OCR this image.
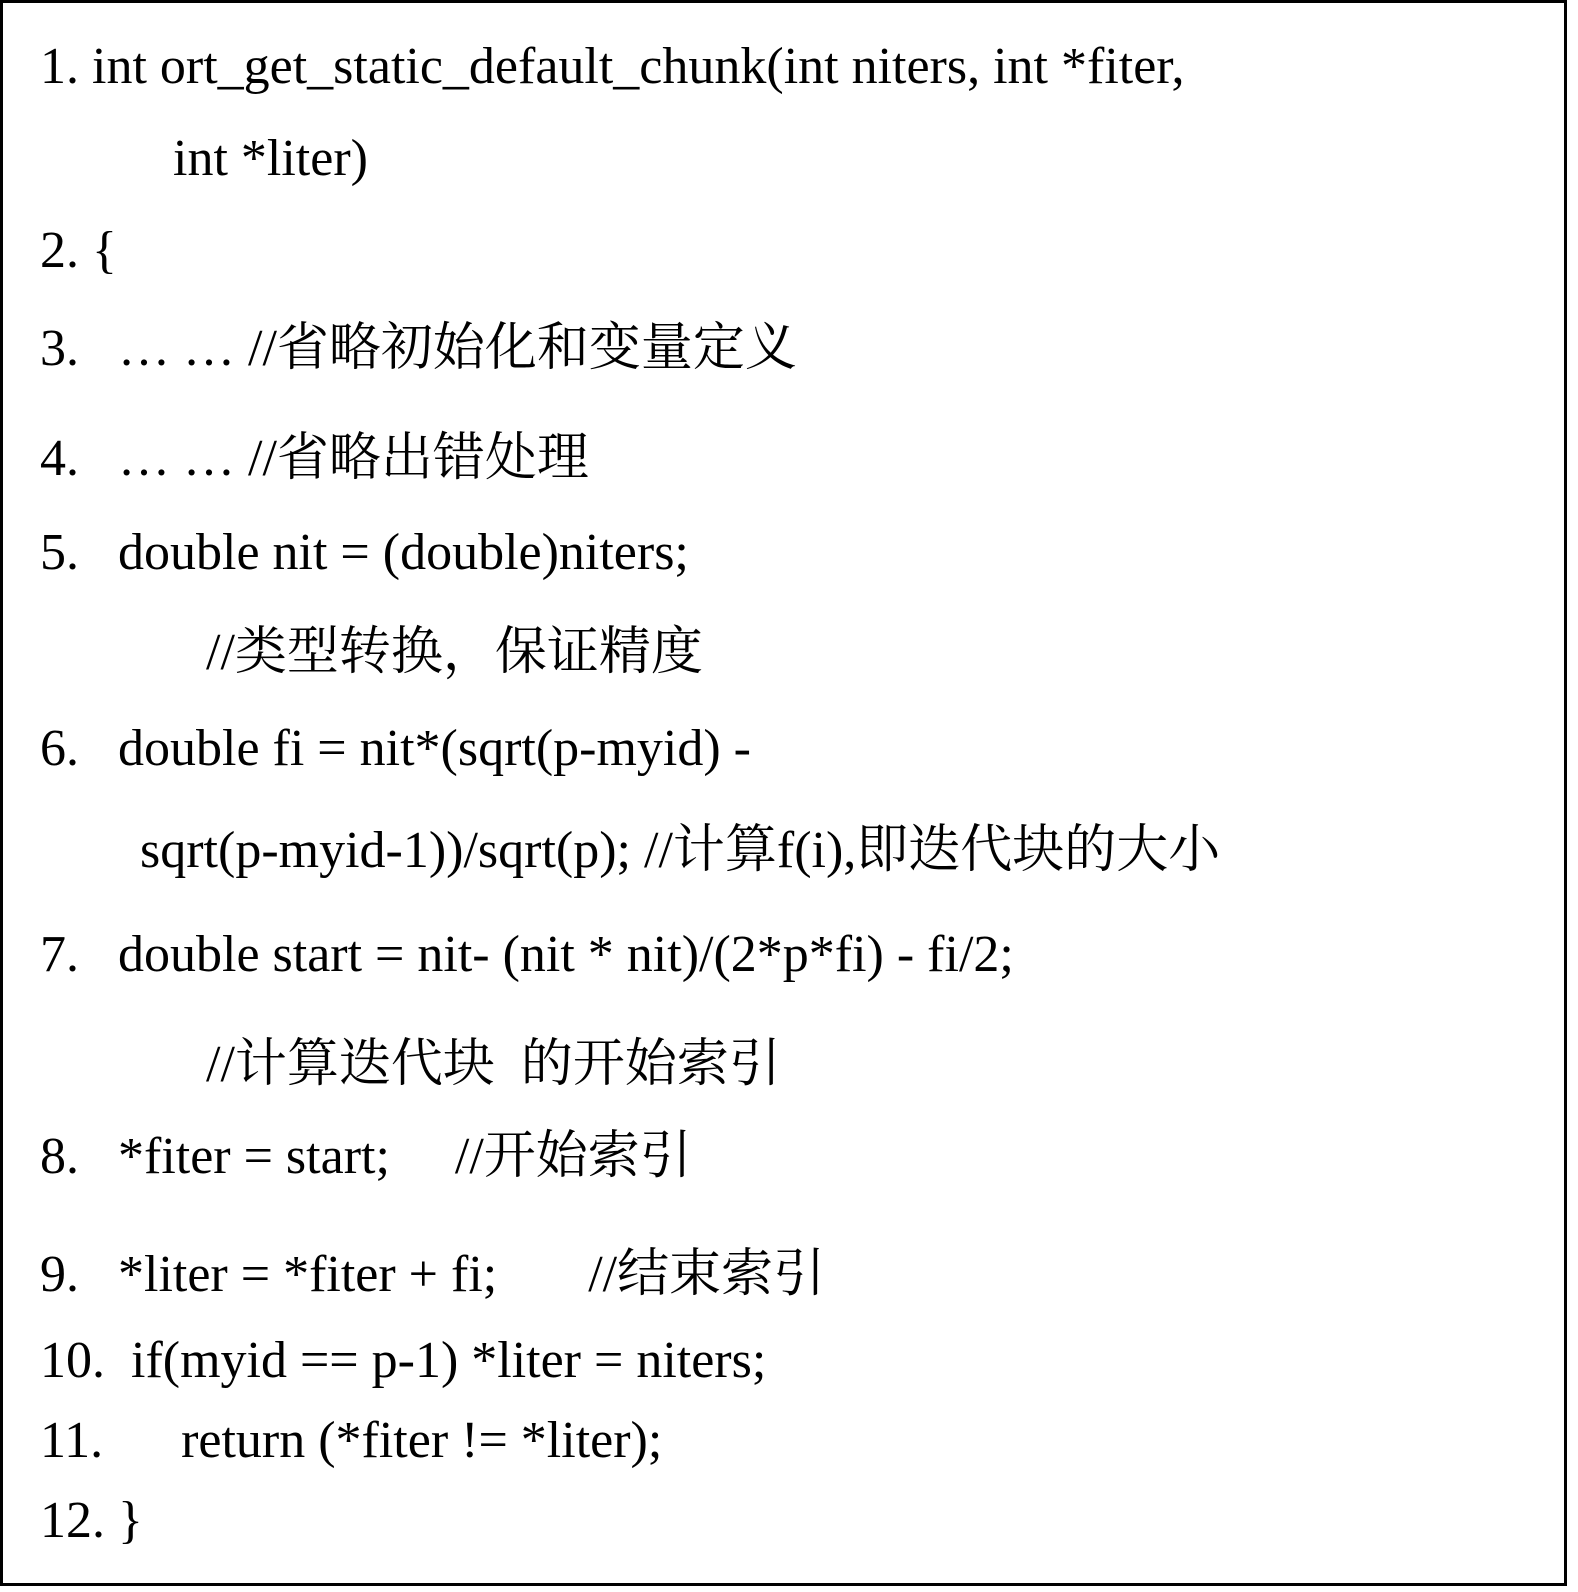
1. int ort_get_static_default_chunk(int niters, int *fiter,
int *liter)
2. {
3.   … … //省略初始化和变量定义
4.   … … //省略出错处理
5.   double nit = (double)niters;
//类型转换，保证精度
6.   double fi = nit*(sqrt(p-myid) -
sqrt(p-myid-1))/sqrt(p); //计算f(i),即迭代块的大小
7.   double start = nit- (nit * nit)/(2*p*fi) - fi/2;
//计算迭代块  的开始索引
8.   *fiter = start;     //开始索引
9.   *liter = *fiter + fi;       //结束索引
10.  if(myid == p-1) *liter = niters;
11.      return (*fiter != *liter);
12. }
